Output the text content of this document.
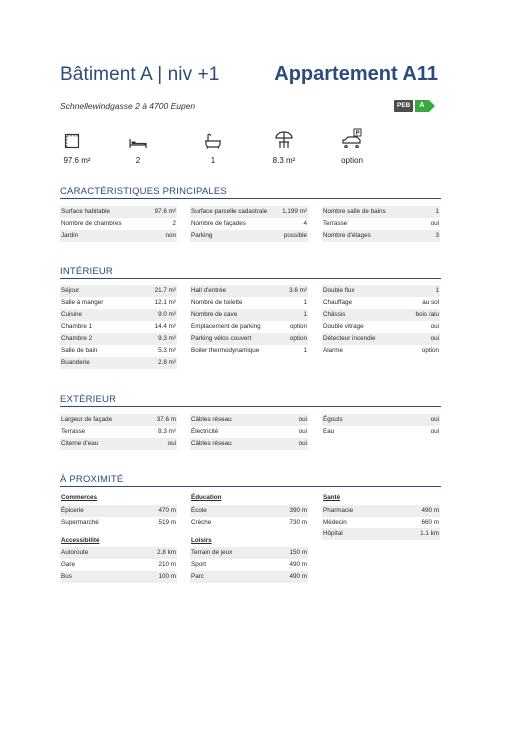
Bâtiment A | niv +1	Appartement A11
Schnellewindgasse 2 à 4700 Eupen	PEB	A
97.6 m²	2	1	8.3 m²	option
CARACTÉRISTIQUES PRINCIPALES
Surface habitable	97.6 m²
Nombre de chambres	2
Jardin	non
Surface parcelle cadastrale 1,199 m²
Nombre de façades	4
Parking	possible
Nombre salle de bains	1
Terrasse	oui
Nombre d'étages	3
INTÉRIEUR
Séjour	21.7 m²
Salle à manger	12.1 m²
Cuisine	9.0 m²
Chambre 1	14.4 m²
Chambre 2	9.3 m²
Salle de bain	5.3 m²
Buanderie	2.8 m²
Hall d'entrée	3.6 m²
Nombre de toilette	1
Nombre de cave	1
Emplacement de parking	option
Parking vélos couvert	option
Boiler thermodynamique	1
Double flux	1
Chauffage	au sol
Châssis	bois /alu
Double vitrage	oui
Détecteur incendie	oui
Alarme	option
EXTÉRIEUR
Largeur de façade	37.6 m
Terrasse	8.3 m²
Citerne d'eau	oui
Câbles réseau	oui
Électricité	oui
Câbles réseau	oui
Égouts	oui
Eau	oui
À PROXIMITÉ
Commerces
Épicerie	470 m
Supermarché	519 m
Éducation
École	390 m
Crèche	730 m
Santé
Pharmacie	490 m
Médecin	660 m
Hôpital	1.1 km
Accessibilité
Autoroute	2.8 km
Gare	210 m
Bus	100 m
Loisirs
Terrain de jeux	150 m
Sport	490 m
Parc	490 m
